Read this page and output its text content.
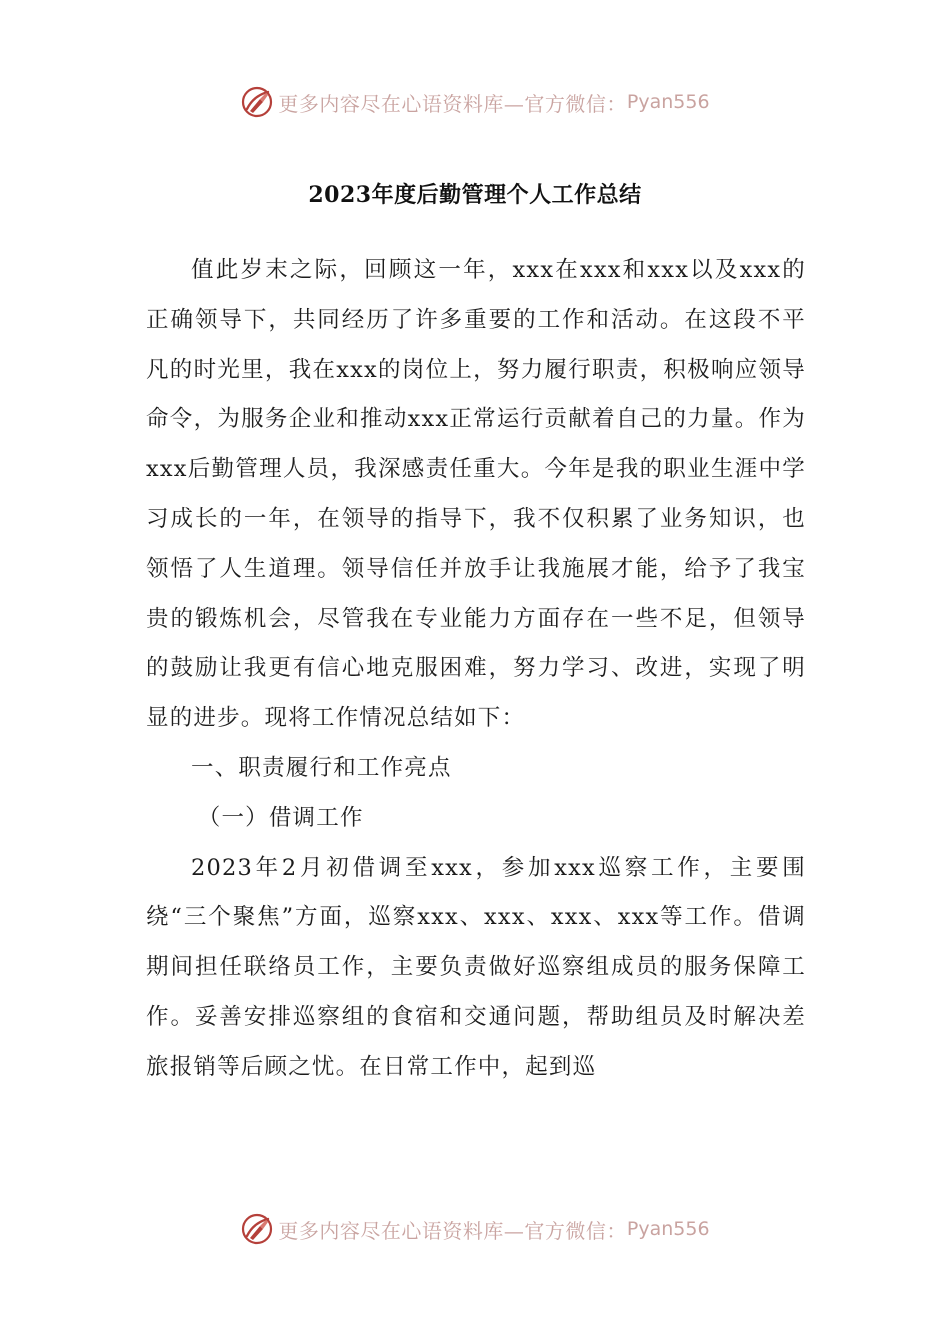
更多内容尽在心语资料库—官方微信： Pyan556
2023年度后勤管理个人工作总结

值此岁末之际，回顾这一年，xxx在xxx和xxx以及xxx的正确领导下，共同经历了许多重要的工作和活动。在这段不平凡的时光里，我在xxx的岗位上，努力履行职责，积极响应领导命令，为服务企业和推动xxx正常运行贡献着自己的力量。作为xxx后勤管理人员，我深感责任重大。今年是我的职业生涯中学习成长的一年，在领导的指导下，我不仅积累了业务知识，也领悟了人生道理。领导信任并放手让我施展才能，给予了我宝贵的锻炼机会，尽管我在专业能力方面存在一些不足，但领导的鼓励让我更有信心地克服困难，努力学习、改进，实现了明显的进步。现将工作情况总结如下：

一、职责履行和工作亮点

（一）借调工作

2023年2月初借调至xxx，参加xxx巡察工作，主要围绕“三个聚焦”方面，巡察xxx、xxx、xxx、xxx等工作。借调期间担任联络员工作，主要负责做好巡察组成员的服务保障工作。妥善安排巡察组的食宿和交通问题，帮助组员及时解决差旅报销等后顾之忧。在日常工作中，起到巡

更多内容尽在心语资料库—官方微信： Pyan556
